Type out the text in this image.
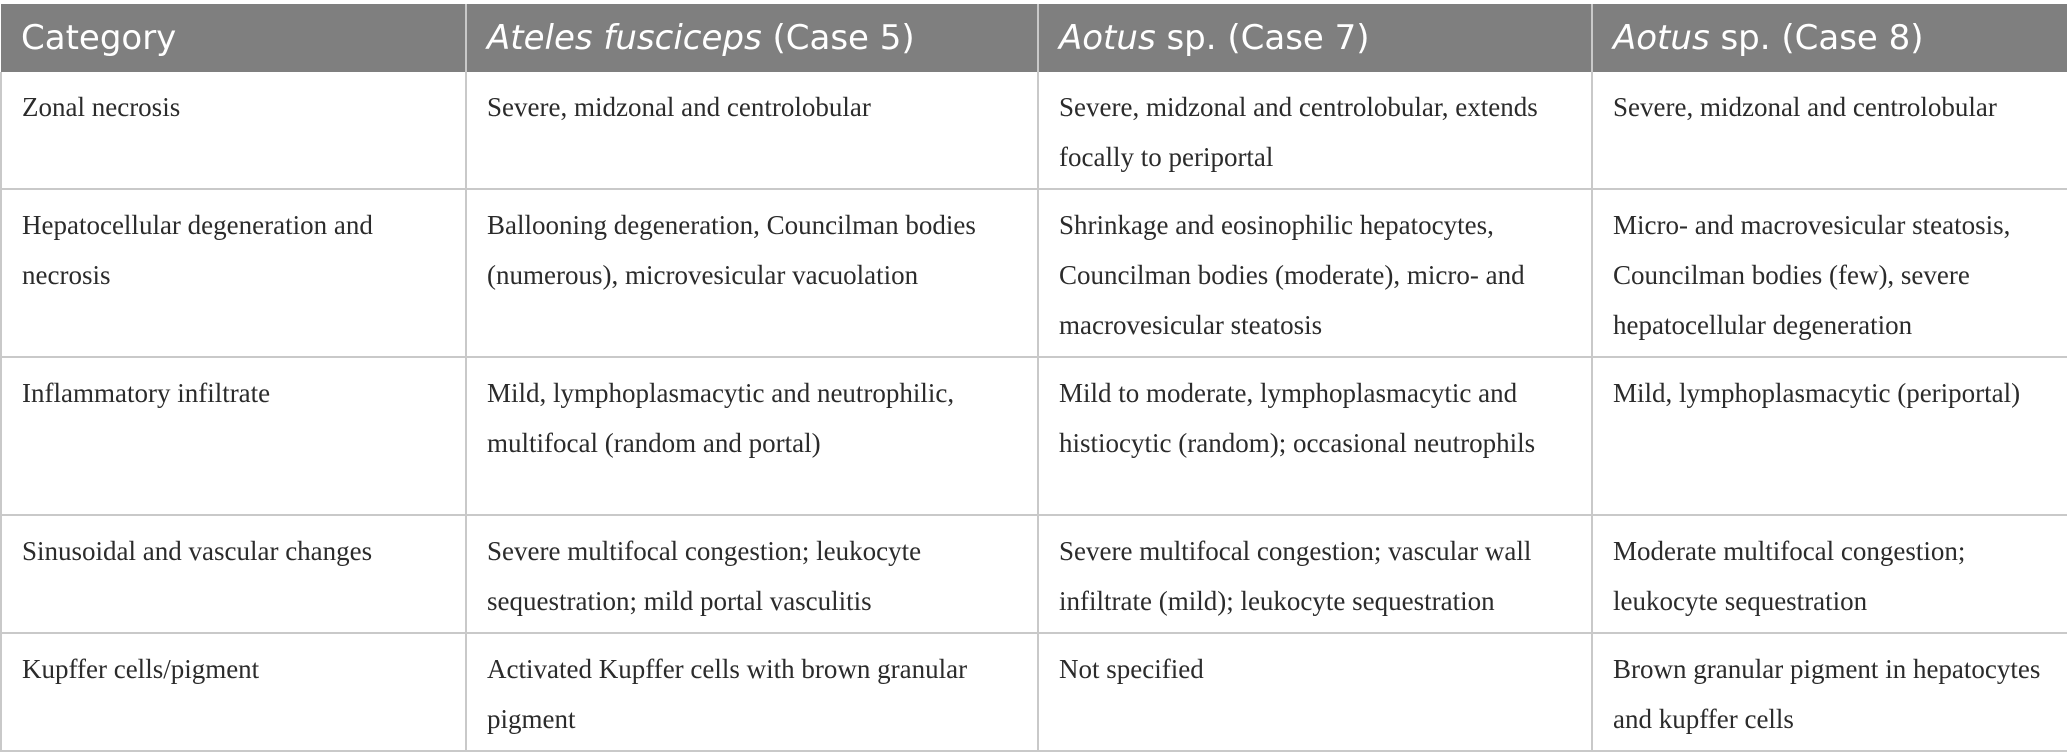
Category	Ateles fusciceps (Case 5)	Aotus sp. (Case 7)	Aotus sp. (Case 8)
Zonal necrosis	Severe, midzonal and centrolobular	Severe, midzonal and centrolobular, extends focally to periportal	Severe, midzonal and centrolobular
Hepatocellular degeneration and necrosis	Ballooning degeneration, Councilman bodies (numerous), microvesicular vacuolation	Shrinkage and eosinophilic hepatocytes, Councilman bodies (moderate), micro- and macrovesicular steatosis	Micro- and macrovesicular steatosis, Councilman bodies (few), severe hepatocellular degeneration
Inflammatory infiltrate	Mild, lymphoplasmacytic and neutrophilic, multifocal (random and portal)	Mild to moderate, lymphoplasmacytic and histiocytic (random); occasional neutrophils	Mild, lymphoplasmacytic (periportal)
Sinusoidal and vascular changes	Severe multifocal congestion; leukocyte sequestration; mild portal vasculitis	Severe multifocal congestion; vascular wall infiltrate (mild); leukocyte sequestration	Moderate multifocal congestion; leukocyte sequestration
Kupffer cells/pigment	Activated Kupffer cells with brown granular pigment	Not specified	Brown granular pigment in hepatocytes and kupffer cells
